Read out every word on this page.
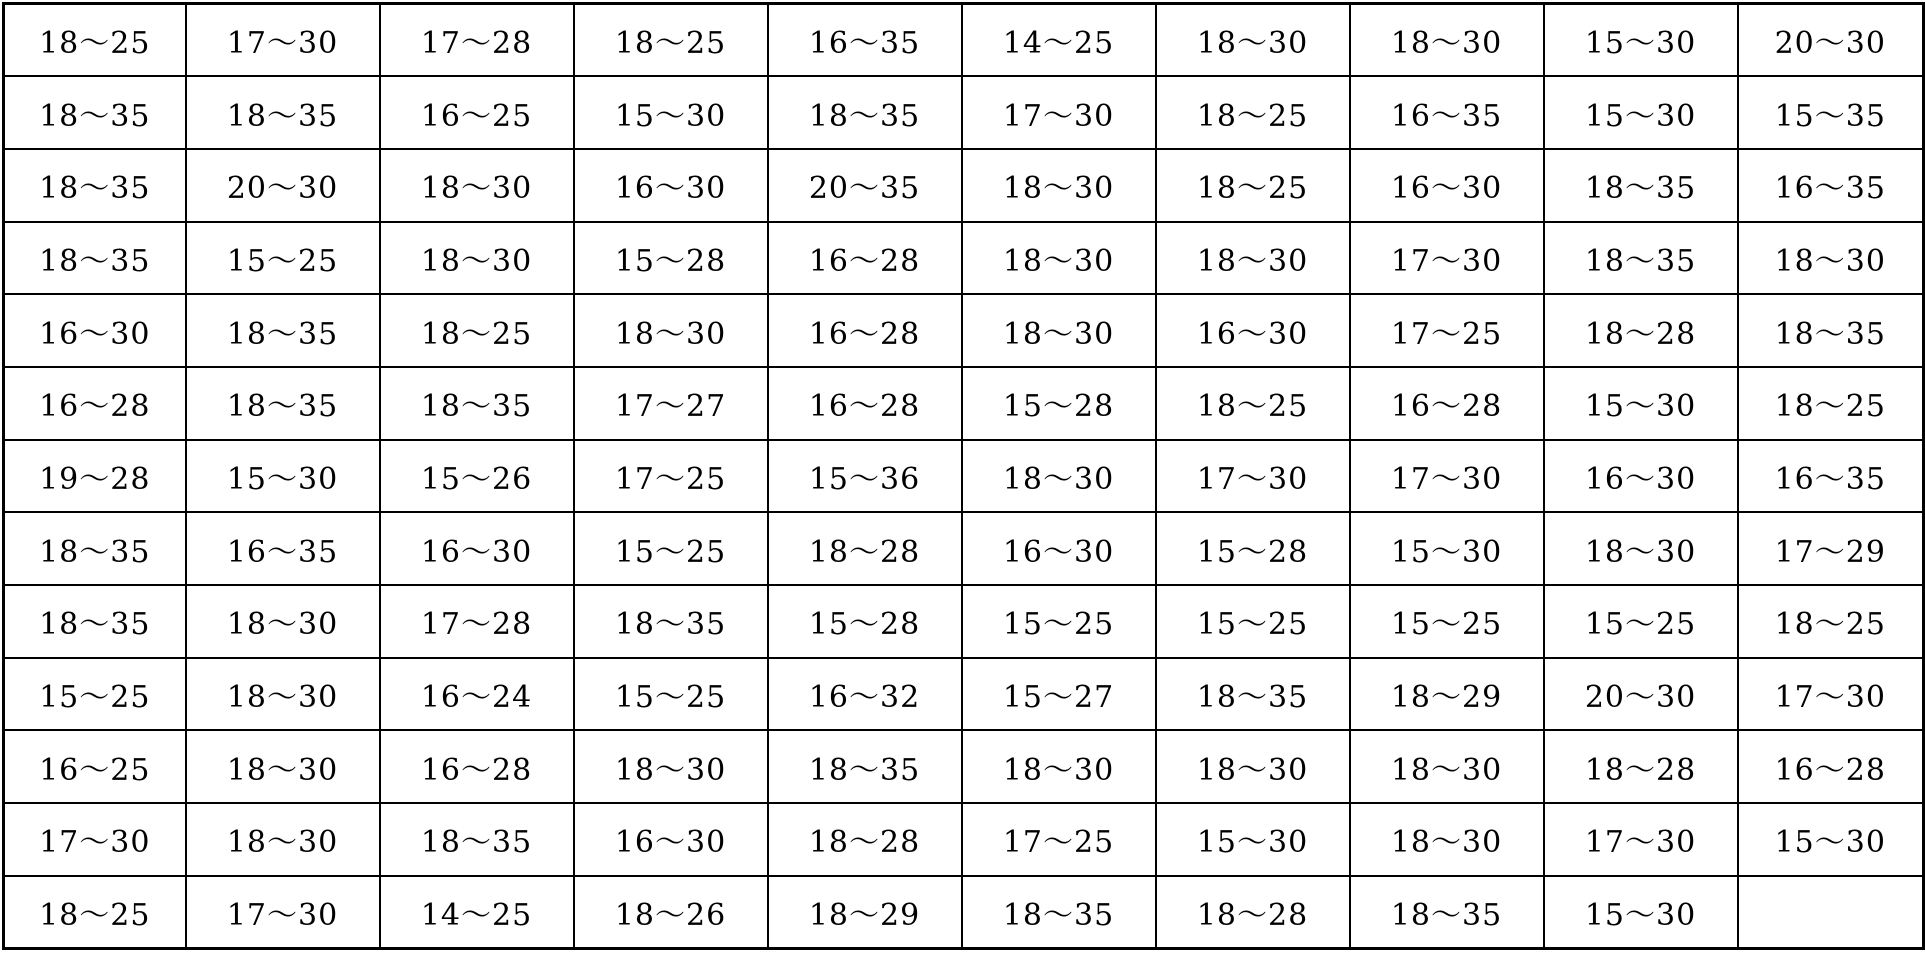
18～25	17～30	17～28	18～25	16～35	14～25	18～30	18～30	15～30	20～30
18～35	18～35	16～25	15～30	18～35	17～30	18～25	16～35	15～30	15～35
18～35	20～30	18～30	16～30	20～35	18～30	18～25	16～30	18～35	16～35
18～35	15～25	18～30	15～28	16～28	18～30	18～30	17～30	18～35	18～30
16～30	18～35	18～25	18～30	16～28	18～30	16～30	17～25	18～28	18～35
16～28	18～35	18～35	17～27	16～28	15～28	18～25	16～28	15～30	18～25
19～28	15～30	15～26	17～25	15～36	18～30	17～30	17～30	16～30	16～35
18～35	16～35	16～30	15～25	18～28	16～30	15～28	15～30	18～30	17～29
18～35	18～30	17～28	18～35	15～28	15～25	15～25	15～25	15～25	18～25
15～25	18～30	16～24	15～25	16～32	15～27	18～35	18～29	20～30	17～30
16～25	18～30	16～28	18～30	18～35	18～30	18～30	18～30	18～28	16～28
17～30	18～30	18～35	16～30	18～28	17～25	15～30	18～30	17～30	15～30
18～25	17～30	14～25	18～26	18～29	18～35	18～28	18～35	15～30	
